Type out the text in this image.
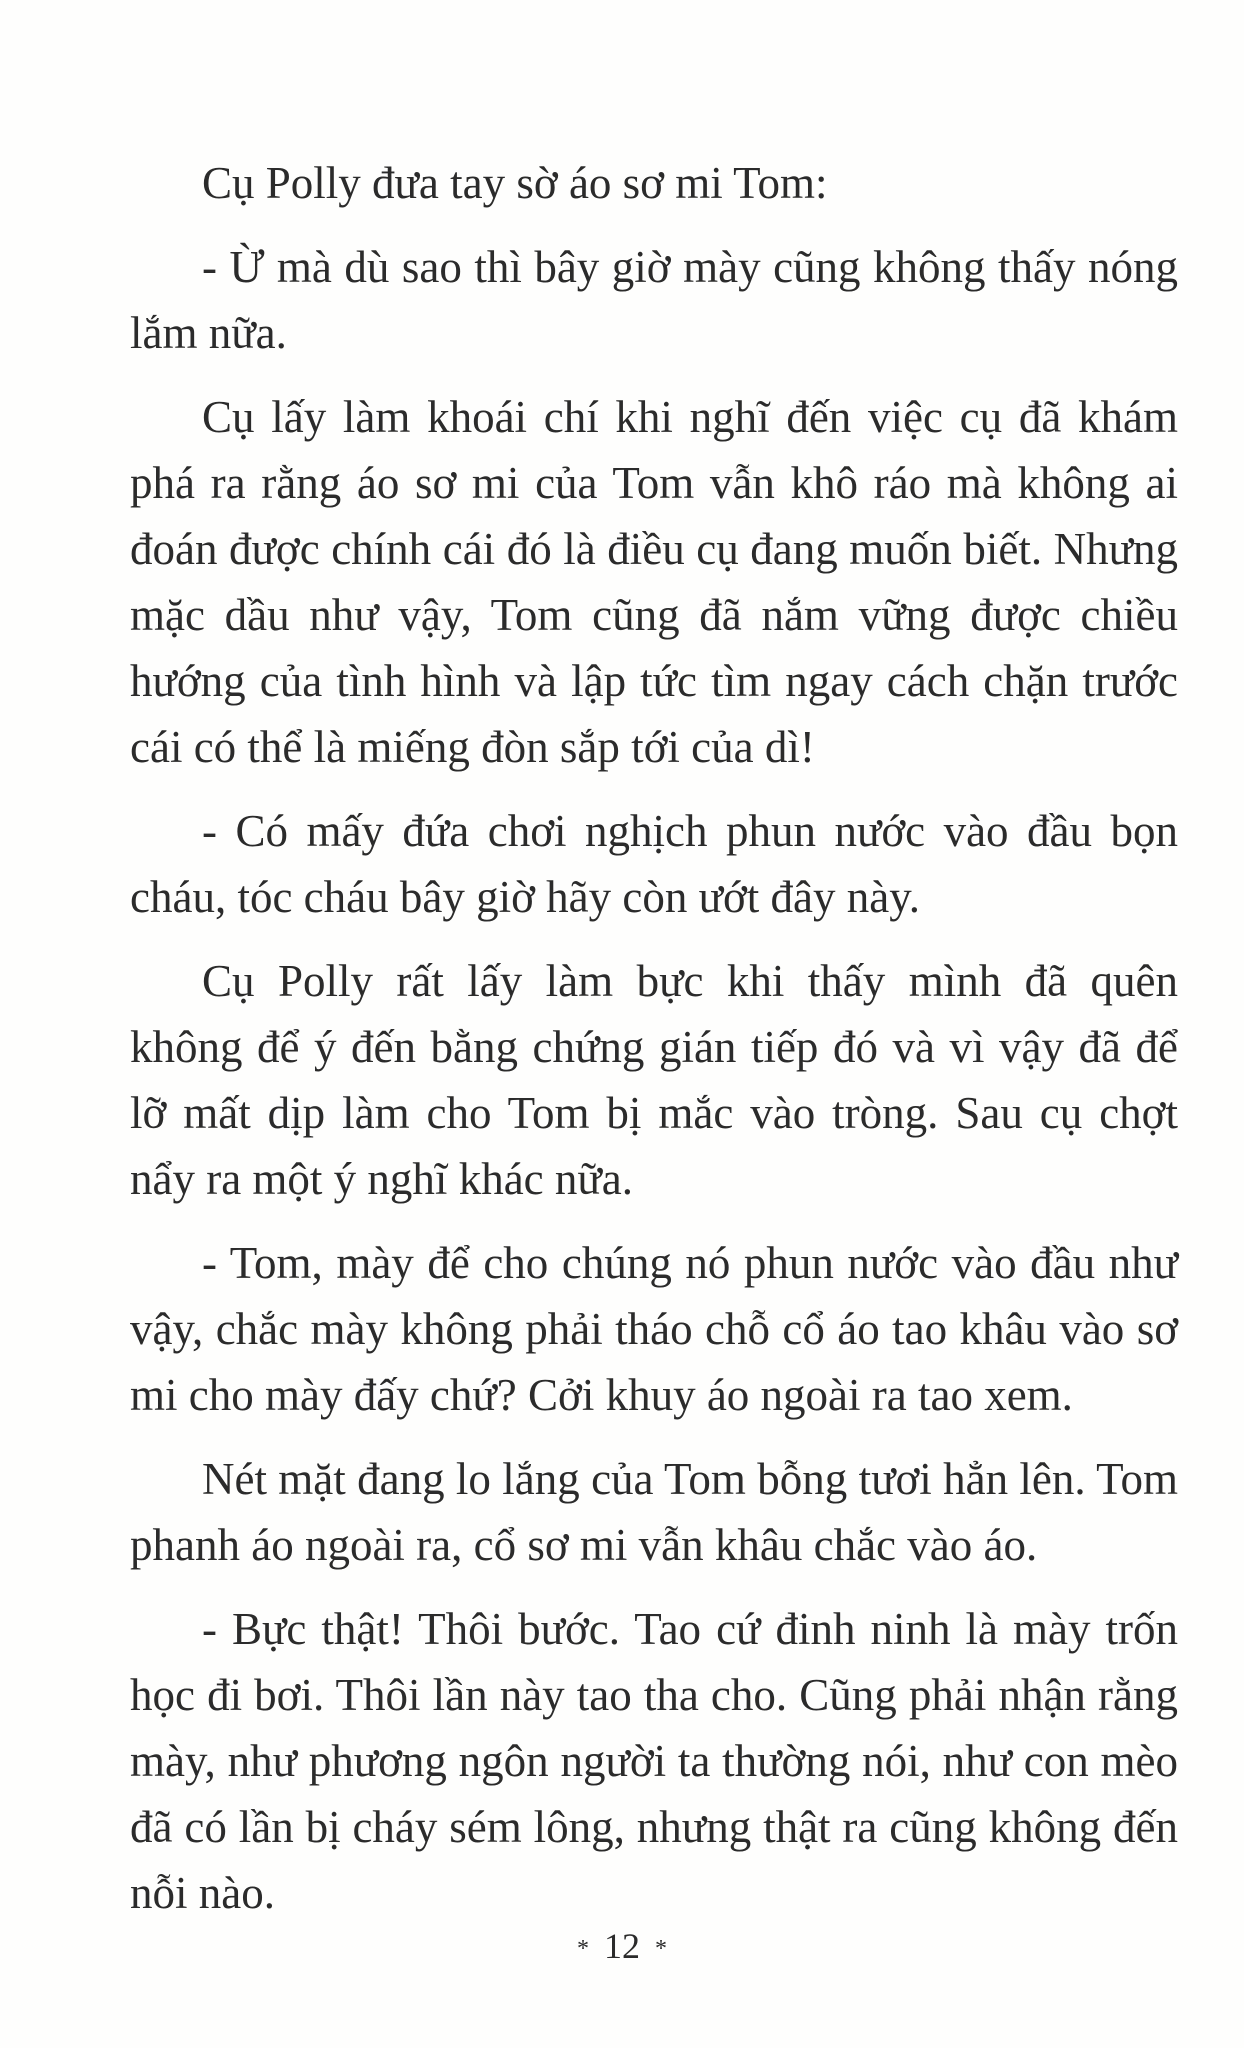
Cụ Polly đưa tay sờ áo sơ mi Tom:

- Ừ mà dù sao thì bây giờ mày cũng không thấy nóng lắm nữa.

Cụ lấy làm khoái chí khi nghĩ đến việc cụ đã khám phá ra rằng áo sơ mi của Tom vẫn khô ráo mà không ai đoán được chính cái đó là điều cụ đang muốn biết. Nhưng mặc dầu như vậy, Tom cũng đã nắm vững được chiều hướng của tình hình và lập tức tìm ngay cách chặn trước cái có thể là miếng đòn sắp tới của dì!

- Có mấy đứa chơi nghịch phun nước vào đầu bọn cháu, tóc cháu bây giờ hãy còn ướt đây này.

Cụ Polly rất lấy làm bực khi thấy mình đã quên không để ý đến bằng chứng gián tiếp đó và vì vậy đã để lỡ mất dịp làm cho Tom bị mắc vào tròng. Sau cụ chợt nẩy ra một ý nghĩ khác nữa.

- Tom, mày để cho chúng nó phun nước vào đầu như vậy, chắc mày không phải tháo chỗ cổ áo tao khâu vào sơ mi cho mày đấy chứ? Cởi khuy áo ngoài ra tao xem.

Nét mặt đang lo lắng của Tom bỗng tươi hẳn lên. Tom phanh áo ngoài ra, cổ sơ mi vẫn khâu chắc vào áo.

- Bực thật! Thôi bước. Tao cứ đinh ninh là mày trốn học đi bơi. Thôi lần này tao tha cho. Cũng phải nhận rằng mày, như phương ngôn người ta thường nói, như con mèo đã có lần bị cháy sém lông, nhưng thật ra cũng không đến nỗi nào.

* 12 *
